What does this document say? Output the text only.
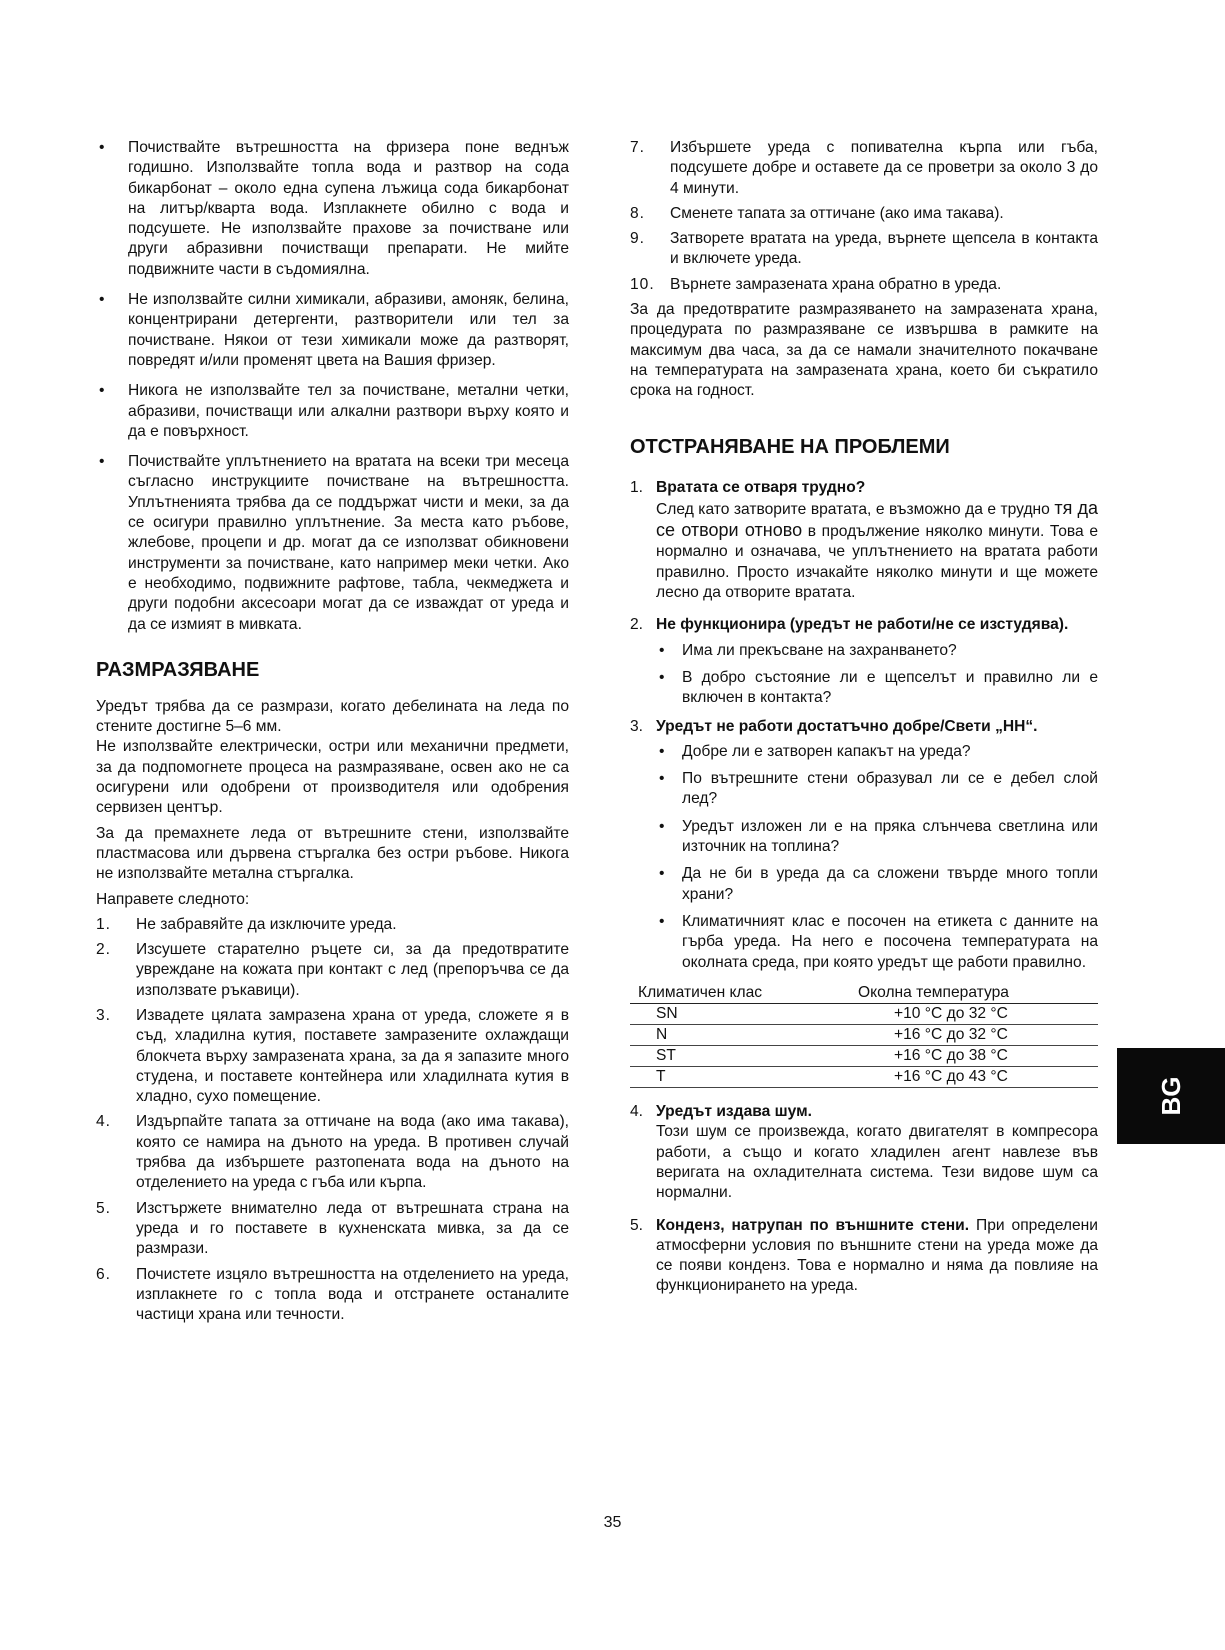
• Почиствайте вътрешността на фризера поне веднъж годишно. Използвайте топла вода и разтвор на сода бикарбонат – около една супена лъжица сода бикарбонат на литър/кварта вода. Изплакнете обилно с вода и подсушете. Не използвайте прахове за почистване или други абразивни почистващи препарати. Не мийте подвижните части в съдомиялна.
• Не използвайте силни химикали, абразиви, амоняк, белина, концентрирани детергенти, разтворители или тел за почистване. Някои от тези химикали може да разтворят, повредят и/или променят цвета на Вашия фризер.
• Никога не използвайте тел за почистване, метални четки, абразиви, почистващи или алкални разтвори върху която и да е повърхност.
• Почиствайте уплътнението на вратата на всеки три месеца съгласно инструкциите почистване на вътрешността. Уплътненията трябва да се поддържат чисти и меки, за да се осигури правилно уплътнение. За места като ръбове, жлебове, процепи и др. могат да се използват обикновени инструменти за почистване, като например меки четки. Ако е необходимо, подвижните рафтове, табла, чекмеджета и други подобни аксесоари могат да се изваждат от уреда и да се измият в мивката.
РАЗМРАЗЯВАНЕ

Уредът трябва да се размрази, когато дебелината на леда по стените достигне 5–6 мм.

Не използвайте електрически, остри или механични предмети, за да подпомогнете процеса на размразяване, освен ако не са осигурени или одобрени от производителя или одобрения сервизен център.

За да премахнете леда от вътрешните стени, използвайте пластмасова или дървена стъргалка без остри ръбове. Никога не използвайте метална стъргалка.

Направете следното:

1. Не забравяйте да изключите уреда.
2. Изсушете старателно ръцете си, за да предотвратите увреждане на кожата при контакт с лед (препоръчва се да използвате ръкавици).
3. Извадете цялата замразена храна от уреда, сложете я в съд, хладилна кутия, поставете замразените охлаждащи блокчета върху замразената храна, за да я запазите много студена, и поставете контейнера или хладилната кутия в хладно, сухо помещение.
4. Издърпайте тапата за оттичане на вода (ако има такава), която се намира на дъното на уреда. В противен случай трябва да избършете разтопената вода на дъното на отделението на уреда с гъба или кърпа.
5. Изстържете внимателно леда от вътрешната страна на уреда и го поставете в кухненската мивка, за да се размрази.
6. Почистете изцяло вътрешността на отделението на уреда, изплакнете го с топла вода и отстранете останалите частици храна или течности.
7. Избършете уреда с попивателна кърпа или гъба, подсушете добре и оставете да се проветри за около 3 до 4 минути.
8. Сменете тапата за оттичане (ако има такава).
9. Затворете вратата на уреда, върнете щепсела в контакта и включете уреда.
10. Върнете замразената храна обратно в уреда.

За да предотвратите размразяването на замразената храна, процедурата по размразяване се извършва в рамките на максимум два часа, за да се намали значителното покачване на температурата на замразената храна, което би съкратило срока на годност.

ОТСТРАНЯВАНЕ НА ПРОБЛЕМИ
1. Вратата се отваря трудно?
След като затворите вратата, е възможно да е трудно тя да се отвори отново в продължение няколко минути. Това е нормално и означава, че уплътнението на вратата работи правилно. Просто изчакайте няколко минути и ще можете лесно да отворите вратата.
2. Не функционира (уредът не работи/не се изстудява).
• Има ли прекъсване на захранването?
• В добро състояние ли е щепселът и правилно ли е включен в контакта?
3. Уредът не работи достатъчно добре/Свети „HH“.
• Добре ли е затворен капакът на уреда?
• По вътрешните стени образувал ли се е дебел слой лед?
• Уредът изложен ли е на пряка слънчева светлина или източник на топлина?
• Да не би в уреда да са сложени твърде много топли храни?
• Климатичният клас е посочен на етикета с данните на гърба уреда. На него е посочена температурата на околната среда, при която уредът ще работи правилно.
Климатичен клас	Околна температура
SN	+10 °C до 32 °C
N	+16 °C до 32 °C
ST	+16 °C до 38 °C
T	+16 °C до 43 °C
4. Уредът издава шум.
Този шум се произвежда, когато двигателят в компресора работи, а също и когато хладилен агент навлезе във веригата на охладителната система. Тези видове шум са нормални.
5. Конденз, натрупан по външните стени. При определени атмосферни условия по външните стени на уреда може да се появи конденз. Това е нормално и няма да повлияе на функционирането на уреда.
BG
35
